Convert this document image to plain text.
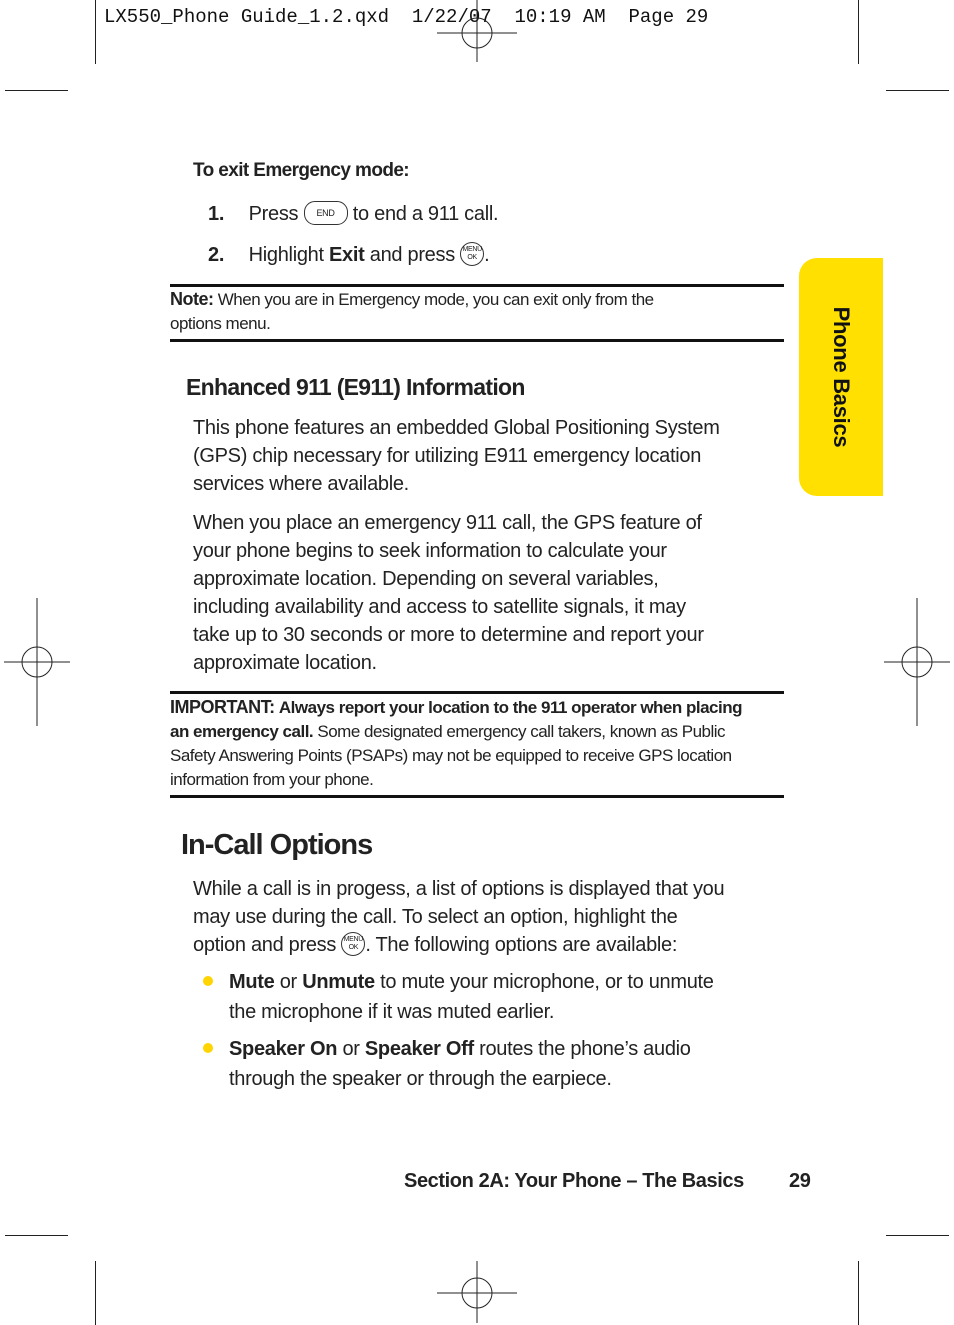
LX550_Phone Guide_1.2.qxd  1/22/07  10:19 AM  Page 29
Phone Basics
To exit Emergency mode:
1. Press END to end a 911 call.
2. Highlight Exit and press MENU
OK .
Note: When you are in Emergency mode, you can exit only from the
options menu.
Enhanced 911 (E911) Information
This phone features an embedded Global Positioning System
(GPS) chip necessary for utilizing E911 emergency location
services where available.
When you place an emergency 911 call, the GPS feature of
your phone begins to seek information to calculate your
approximate location. Depending on several variables,
including availability and access to satellite signals, it may
take up to 30 seconds or more to determine and report your
approximate location.
IMPORTANT: Always report your location to the 911 operator when placing
an emergency call. Some designated emergency call takers, known as Public
Safety Answering Points (PSAPs) may not be equipped to receive GPS location
information from your phone.
In-Call Options
While a call is in progess, a list of options is displayed that you
may use during the call. To select an option, highlight the
option and press MENU
OK . The following options are available:
Mute or Unmute to mute your microphone, or to unmute
the microphone if it was muted earlier.
Speaker On or Speaker Off routes the phone’s audio
through the speaker or through the earpiece.
Section 2A: Your Phone – The Basics 29
